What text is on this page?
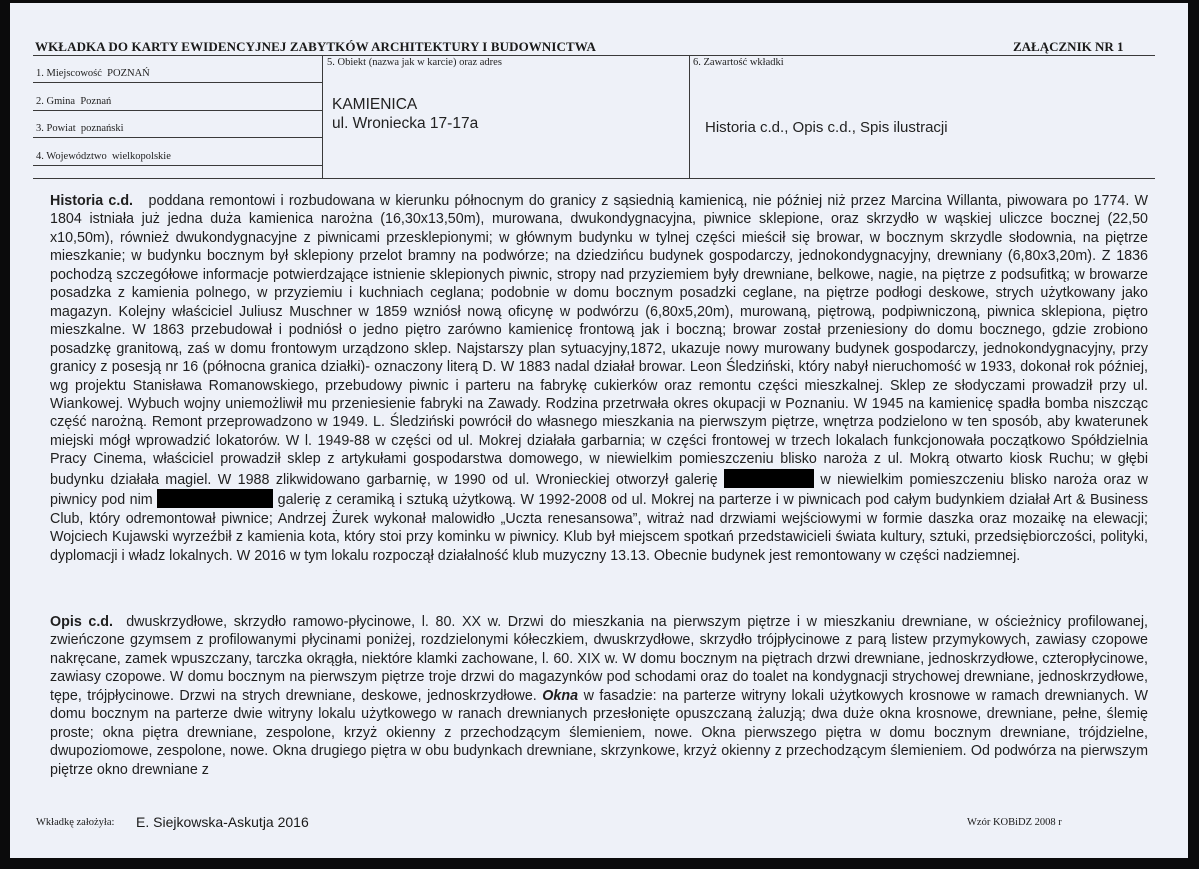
WKŁADKA DO KARTY EWIDENCYJNEJ ZABYTKÓW ARCHITEKTURY I BUDOWNICTWA	ZAŁĄCZNIK NR 1
1. Miejscowość POZNAŃ
2. Gmina Poznań
3. Powiat poznański
4. Województwo wielkopolskie
5. Obiekt (nazwa jak w karcie) oraz adres
KAMIENICA
ul. Wroniecka 17-17a
6. Zawartość wkładki
Historia c.d., Opis c.d., Spis ilustracji
Historia c.d. poddana remontowi i rozbudowana w kierunku północnym do granicy z sąsiednią kamienicą, nie później niż przez Marcina Willanta, piwowara po 1774. W 1804 istniała już jedna duża kamienica narożna (16,30x13,50m), murowana, dwukondygnacyjna, piwnice sklepione, oraz skrzydło w wąskiej uliczce bocznej (22,50 x10,50m), również dwukondygnacyjne z piwnicami przesklepionymi; w głównym budynku w tylnej części mieścił się browar, w bocznym skrzydle słodownia, na piętrze mieszkanie; w budynku bocznym był sklepiony przelot bramny na podwórze; na dziedzińcu budynek gospodarczy, jednokondygnacyjny, drewniany (6,80x3,20m). Z 1836 pochodzą szczegółowe informacje potwierdzające istnienie sklepionych piwnic, stropy nad przyziemiem były drewniane, belkowe, nagie, na piętrze z podsufitką; w browarze posadzka z kamienia polnego, w przyziemiu i kuchniach ceglana; podobnie w domu bocznym posadzki ceglane, na piętrze podłogi deskowe, strych użytkowany jako magazyn. Kolejny właściciel Juliusz Muschner w 1859 wzniósł nową oficynę w podwórzu (6,80x5,20m), murowaną, piętrową, podpiwniczoną, piwnica sklepiona, piętro mieszkalne. W 1863 przebudował i podniósł o jedno piętro zarówno kamienicę frontową jak i boczną; browar został przeniesiony do domu bocznego, gdzie zrobiono posadzkę granitową, zaś w domu frontowym urządzono sklep. Najstarszy plan sytuacyjny,1872, ukazuje nowy murowany budynek gospodarczy, jednokondygnacyjny, przy granicy z posesją nr 16 (północna granica działki)- oznaczony literą D. W 1883 nadal działał browar. Leon Śledziński, który nabył nieruchomość w 1933, dokonał rok później, wg projektu Stanisława Romanowskiego, przebudowy piwnic i parteru na fabrykę cukierków oraz remontu części mieszkalnej. Sklep ze słodyczami prowadził przy ul. Wiankowej. Wybuch wojny uniemożliwił mu przeniesienie fabryki na Zawady. Rodzina przetrwała okres okupacji w Poznaniu. W 1945 na kamienicę spadła bomba niszcząc część narożną. Remont przeprowadzono w 1949. L. Śledziński powrócił do własnego mieszkania na pierwszym piętrze, wnętrza podzielono w ten sposób, aby kwaterunek miejski mógł wprowadzić lokatorów. W l. 1949-88 w części od ul. Mokrej działała garbarnia; w części frontowej w trzech lokalach funkcjonowała początkowo Spółdzielnia Pracy Cinema, właściciel prowadził sklep z artykułami gospodarstwa domowego, w niewielkim pomieszczeniu blisko naroża z ul. Mokrą otwarto kiosk Ruchu; w głębi budynku działała magiel. W 1988 zlikwidowano garbarnię, w 1990 od ul. Wronieckiej otworzył galerię	w niewielkim pomieszczeniu blisko naroża oraz w piwnicy pod nim	galerię z ceramiką i sztuką użytkową. W 1992-2008 od ul. Mokrej na parterze i w piwnicach pod całym budynkiem działał Art & Business Club, który odremontował piwnice; Andrzej Żurek wykonał malowidło „Uczta renesansowa”, witraż nad drzwiami wejściowymi w formie daszka oraz mozaikę na elewacji; Wojciech Kujawski wyrzeźbił z kamienia kota, który stoi przy kominku w piwnicy. Klub był miejscem spotkań przedstawicieli świata kultury, sztuki, przedsiębiorczości, polityki, dyplomacji i władz lokalnych. W 2016 w tym lokalu rozpoczął działalność klub muzyczny 13.13. Obecnie budynek jest remontowany w części nadziemnej.
Opis c.d. dwuskrzydłowe, skrzydło ramowo-płycinowe, l. 80. XX w. Drzwi do mieszkania na pierwszym piętrze i w mieszkaniu drewniane, w ościeżnicy profilowanej, zwieńczone gzymsem z profilowanymi płycinami poniżej, rozdzielonymi kółeczkiem, dwuskrzydłowe, skrzydło trójpłycinowe z parą listew przymykowych, zawiasy czopowe nakręcane, zamek wpuszczany, tarczka okrągła, niektóre klamki zachowane, l. 60. XIX w. W domu bocznym na piętrach drzwi drewniane, jednoskrzydłowe, czteropłycinowe, zawiasy czopowe. W domu bocznym na pierwszym piętrze troje drzwi do magazynków pod schodami oraz do toalet na kondygnacji strychowej drewniane, jednoskrzydłowe, tępe, trójpłycinowe. Drzwi na strych drewniane, deskowe, jednoskrzydłowe. Okna w fasadzie: na parterze witryny lokali użytkowych krosnowe w ramach drewnianych. W domu bocznym na parterze dwie witryny lokalu użytkowego w ranach drewnianych przesłonięte opuszczaną żaluzją; dwa duże okna krosnowe, drewniane, pełne, ślemię proste; okna piętra drewniane, zespolone, krzyż okienny z przechodzącym ślemieniem, nowe. Okna pierwszego piętra w domu bocznym drewniane, trójdzielne, dwupoziomowe, zespolone, nowe. Okna drugiego piętra w obu budynkach drewniane, skrzynkowe, krzyż okienny z przechodzącym ślemieniem. Od podwórza na pierwszym piętrze okno drewniane z
Wkładkę założyła: E. Siejkowska-Askutja 2016	Wzór KOBiDZ 2008 r
